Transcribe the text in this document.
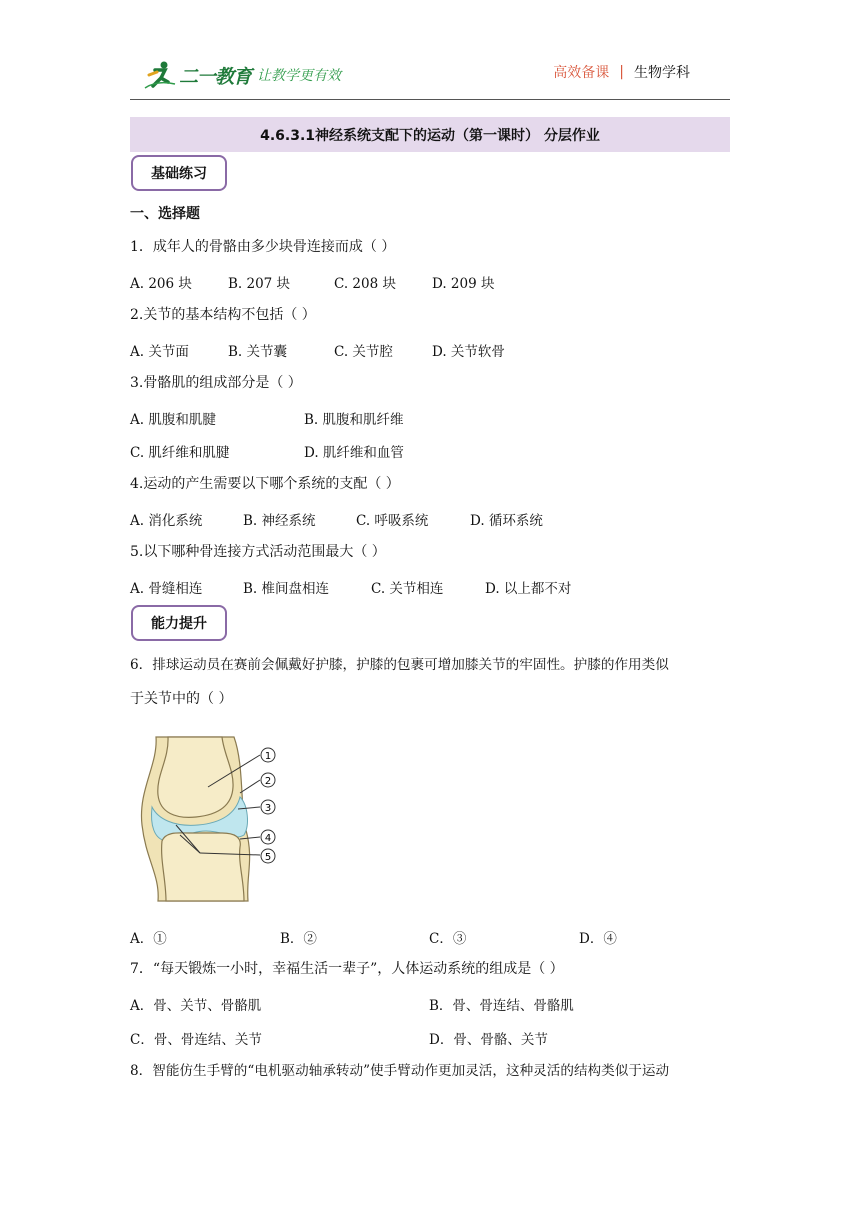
二一教育 让教学更有效	高效备课 | 生物学科
4.6.3.1神经系统支配下的运动（第一课时） 分层作业
基础练习
一、选择题
1．成年人的骨骼由多少块骨连接而成（ ）
A. 206 块	B. 207 块	C. 208 块	D. 209 块
2.关节的基本结构不包括（ ）
A. 关节面	B. 关节囊	C. 关节腔	D. 关节软骨
3.骨骼肌的组成部分是（ ）
A. 肌腹和肌腱	B. 肌腹和肌纤维
C. 肌纤维和肌腱	D. 肌纤维和血管
4.运动的产生需要以下哪个系统的支配（ ）
A. 消化系统	B. 神经系统	C. 呼吸系统	D. 循环系统
5.以下哪种骨连接方式活动范围最大（ ）
A. 骨缝相连	B. 椎间盘相连	C. 关节相连	D. 以上都不对
能力提升
6．排球运动员在赛前会佩戴好护膝，护膝的包裹可增加膝关节的牢固性。护膝的作用类似
于关节中的（ ）
1
2
3
4
5
A．①	B．②	C．③	D．④
7．“每天锻炼一小时，幸福生活一辈子”，人体运动系统的组成是（ ）
A．骨、关节、骨骼肌	B．骨、骨连结、骨骼肌
C．骨、骨连结、关节	D．骨、骨骼、关节
8．智能仿生手臂的“电机驱动轴承转动”使手臂动作更加灵活，这种灵活的结构类似于运动
